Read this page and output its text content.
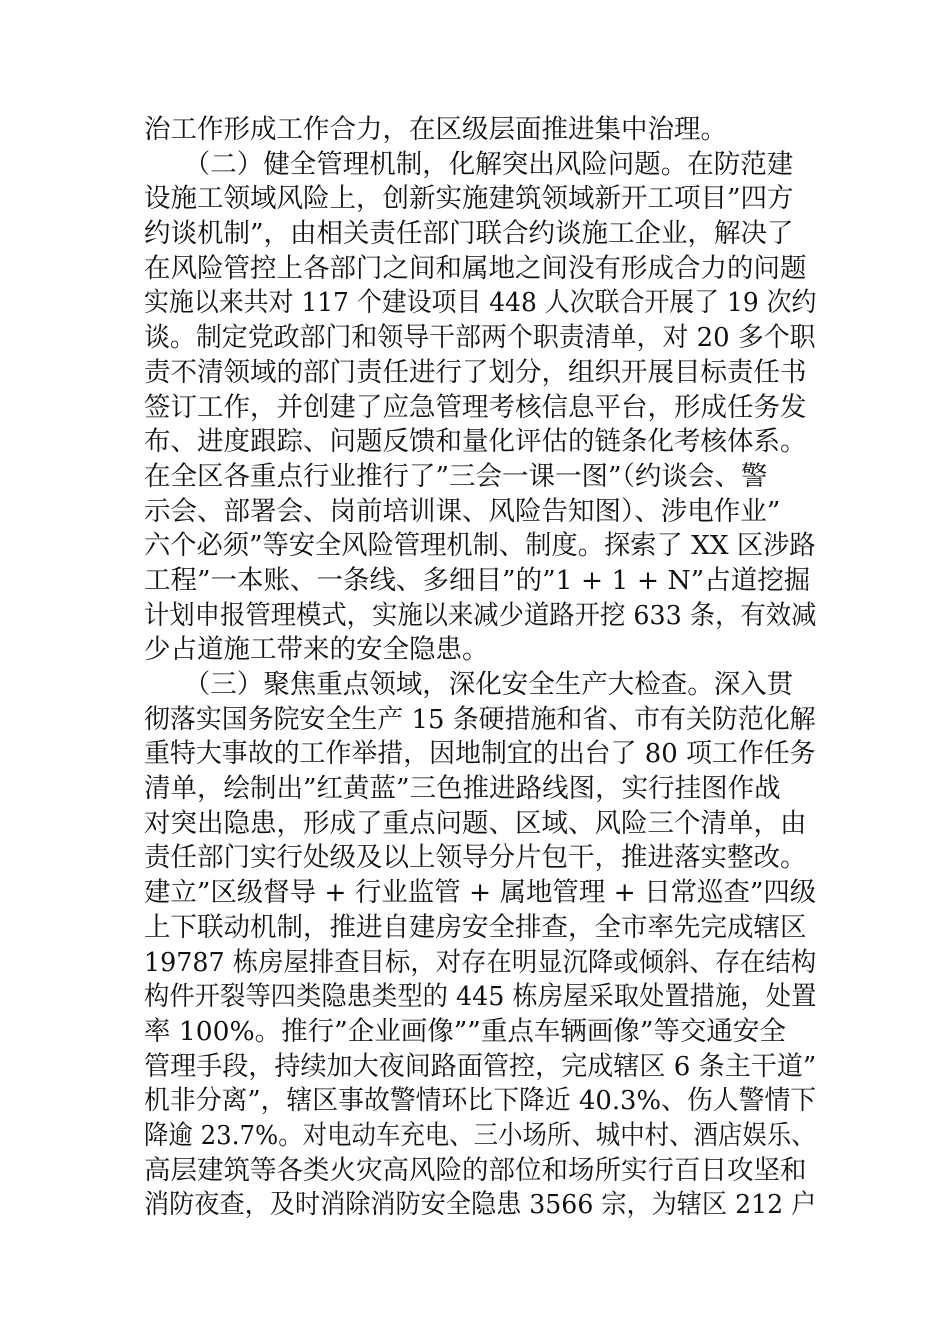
治工作形成工作合力，在区级层面推进集中治理。
　　（二）健全管理机制，化解突出风险问题。在防范建
设施工领域风险上，创新实施建筑领域新开工项目”四方
约谈机制”，由相关责任部门联合约谈施工企业，解决了
在风险管控上各部门之间和属地之间没有形成合力的问题
实施以来共对 117 个建设项目 448 人次联合开展了 19 次约
谈。制定党政部门和领导干部两个职责清单，对 20 多个职
责不清领域的部门责任进行了划分，组织开展目标责任书
签订工作，并创建了应急管理考核信息平台，形成任务发
布、进度跟踪、问题反馈和量化评估的链条化考核体系。
在全区各重点行业推行了”三会一课一图”（约谈会、警
示会、部署会、岗前培训课、风险告知图）、涉电作业”
六个必须”等安全风险管理机制、制度。探索了 XX 区涉路
工程”一本账、一条线、多细目”的”1 + 1 + N”占道挖掘
计划申报管理模式，实施以来减少道路开挖 633 条，有效减
少占道施工带来的安全隐患。
　　（三）聚焦重点领域，深化安全生产大检查。深入贯
彻落实国务院安全生产 15 条硬措施和省、市有关防范化解
重特大事故的工作举措，因地制宜的出台了 80 项工作任务
清单，绘制出”红黄蓝”三色推进路线图，实行挂图作战
对突出隐患，形成了重点问题、区域、风险三个清单，由
责任部门实行处级及以上领导分片包干，推进落实整改。
建立”区级督导 + 行业监管 + 属地管理 + 日常巡查”四级
上下联动机制，推进自建房安全排查，全市率先完成辖区
19787 栋房屋排查目标，对存在明显沉降或倾斜、存在结构
构件开裂等四类隐患类型的 445 栋房屋采取处置措施，处置
率 100%。推行”企业画像””重点车辆画像”等交通安全
管理手段，持续加大夜间路面管控，完成辖区 6 条主干道”
机非分离”，辖区事故警情环比下降近 40.3%、伤人警情下
降逾 23.7%。对电动车充电、三小场所、城中村、酒店娱乐、
高层建筑等各类火灾高风险的部位和场所实行百日攻坚和
消防夜查，及时消除消防安全隐患 3566 宗，为辖区 212 户
